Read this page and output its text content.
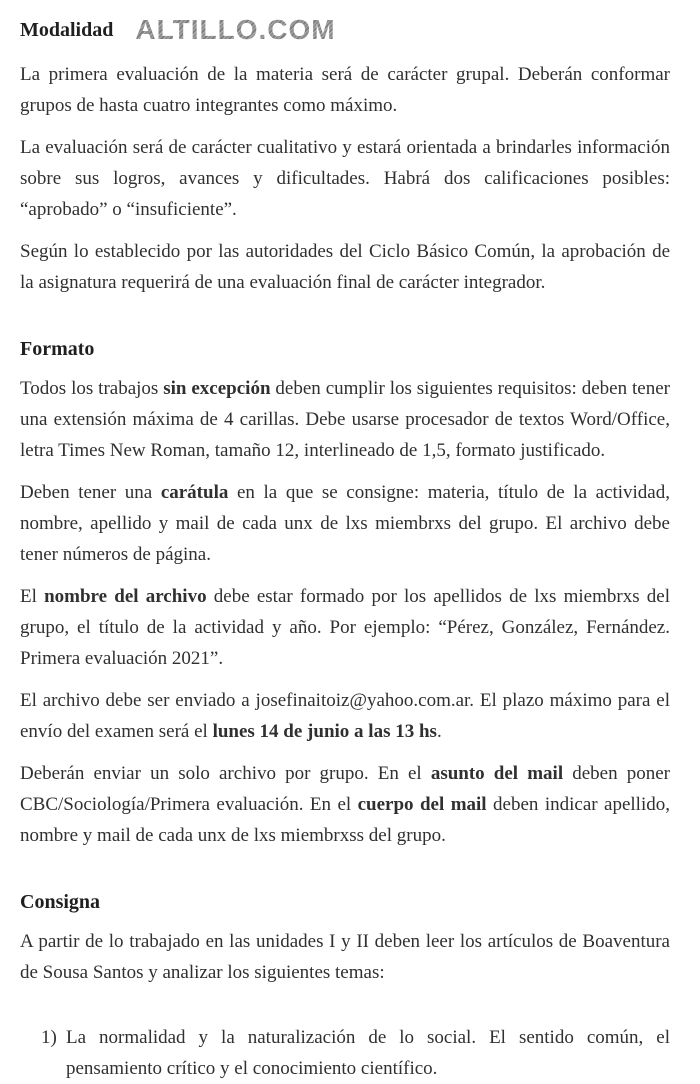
Modalidad ALTILLO.COM

La primera evaluación de la materia será de carácter grupal. Deberán conformar grupos de hasta cuatro integrantes como máximo.

La evaluación será de carácter cualitativo y estará orientada a brindarles información sobre sus logros, avances y dificultades. Habrá dos calificaciones posibles: “aprobado” o “insuficiente”.

Según lo establecido por las autoridades del Ciclo Básico Común, la aprobación de la asignatura requerirá de una evaluación final de carácter integrador.

Formato

Todos los trabajos sin excepción deben cumplir los siguientes requisitos: deben tener una extensión máxima de 4 carillas. Debe usarse procesador de textos Word/Office, letra Times New Roman, tamaño 12, interlineado de 1,5, formato justificado.

Deben tener una carátula en la que se consigne: materia, título de la actividad, nombre, apellido y mail de cada unx de lxs miembrxs del grupo. El archivo debe tener números de página.

El nombre del archivo debe estar formado por los apellidos de lxs miembrxs del grupo, el título de la actividad y año. Por ejemplo: “Pérez, González, Fernández. Primera evaluación 2021”.

El archivo debe ser enviado a josefinaitoiz@yahoo.com.ar. El plazo máximo para el envío del examen será el lunes 14 de junio a las 13 hs.

Deberán enviar un solo archivo por grupo. En el asunto del mail deben poner CBC/Sociología/Primera evaluación. En el cuerpo del mail deben indicar apellido, nombre y mail de cada unx de lxs miembrxss del grupo.

Consigna

A partir de lo trabajado en las unidades I y II deben leer los artículos de Boaventura de Sousa Santos y analizar los siguientes temas:

1) La normalidad y la naturalización de lo social. El sentido común, el pensamiento crítico y el conocimiento científico.
